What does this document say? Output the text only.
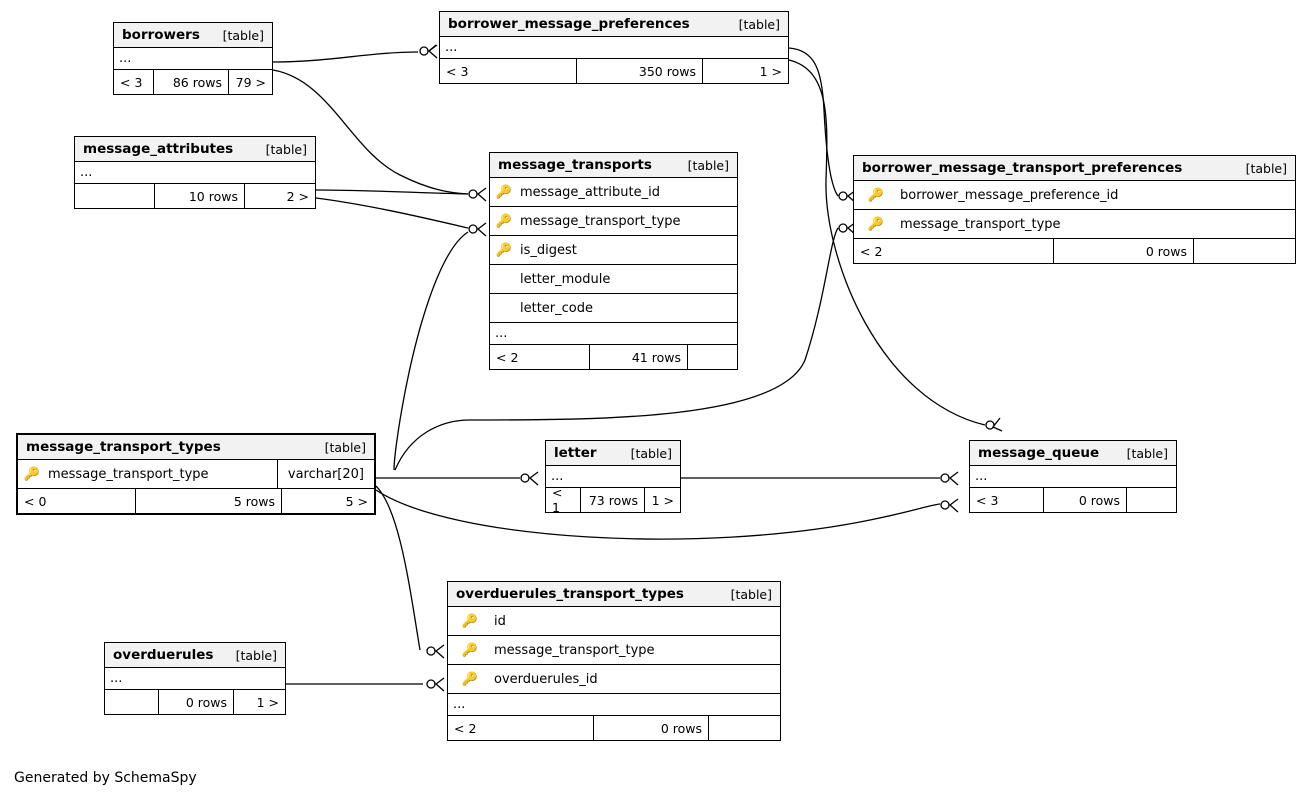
borrowers	[table]
...
< 3	86 rows	79 >
borrower_message_preferences	[table]
...
< 3	350 rows	1 >
message_attributes	[table]
...
10 rows	2 >
message_transports	[table]
🔑 message_attribute_id
🔑 message_transport_type
🔑 is_digest
letter_module
letter_code
...
< 2	41 rows
borrower_message_transport_preferences	[table]
🔑	borrower_message_preference_id
🔑	message_transport_type
< 2	0 rows
message_transport_types	[table]
🔑 message_transport_type	varchar[20]
< 0	5 rows	5 >
letter	[table]
...
< 1	73 rows	1 >
message_queue	[table]
...
< 3	0 rows
overduerules_transport_types	[table]
🔑	id
🔑	message_transport_type
🔑	overduerules_id
...
< 2	0 rows
overduerules	[table]
...
0 rows	1 >
Generated by SchemaSpy
